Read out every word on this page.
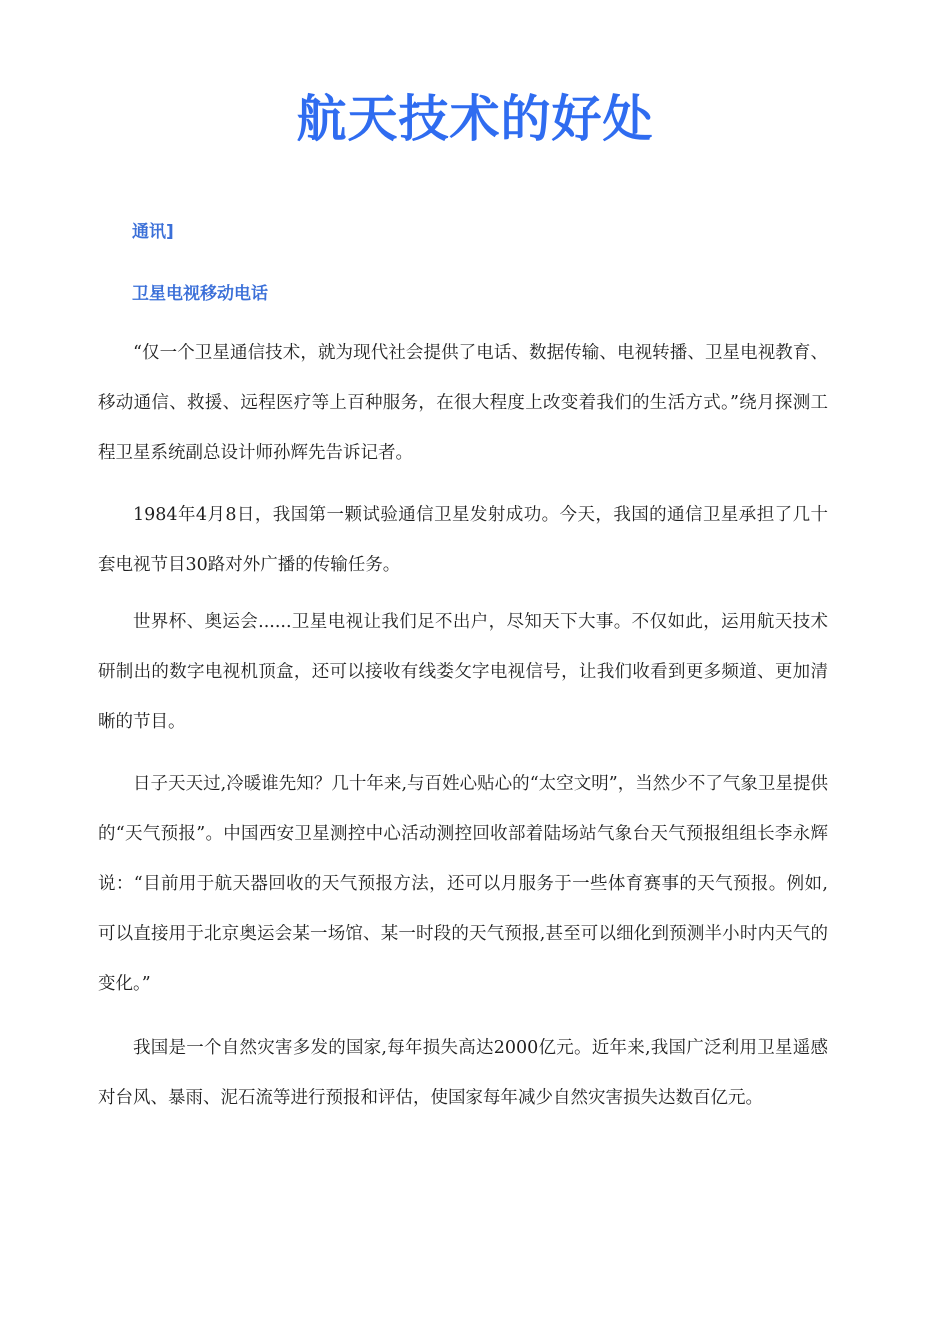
航天技术的好处
通讯]
卫星电视移动电话

“仅一个卫星通信技术，就为现代社会提供了电话、数据传输、电视转播、卫星电视教育、移动通信、救援、远程医疗等上百种服务，在很大程度上改变着我们的生活方式。”绕月探测工程卫星系统副总设计师孙辉先告诉记者。

1984年4月8日，我国第一颗试验通信卫星发射成功。今天，我国的通信卫星承担了几十套电视节目30路对外广播的传输任务。

世界杯、奥运会......卫星电视让我们足不出户，尽知天下大事。不仅如此，运用航天技术研制出的数字电视机顶盒，还可以接收有线娄攵字电视信号，让我们收看到更多频道、更加清晰的节目。

日子天天过,冷暖谁先知？几十年来,与百姓心贴心的“太空文明”，当然少不了气象卫星提供的“天气预报”。中国西安卫星测控中心活动测控回收部着陆场站气象台天气预报组组长李永辉说：“目前用于航天器回收的天气预报方法，还可以月服务于一些体育赛事的天气预报。例如,可以直接用于北京奥运会某一场馆、某一时段的天气预报,甚至可以细化到预测半小时内天气的变化。”

我国是一个自然灾害多发的国家,每年损失高达2000亿元。近年来,我国广泛利用卫星遥感对台风、暴雨、泥石流等进行预报和评估，使国家每年减少自然灾害损失达数百亿元。
